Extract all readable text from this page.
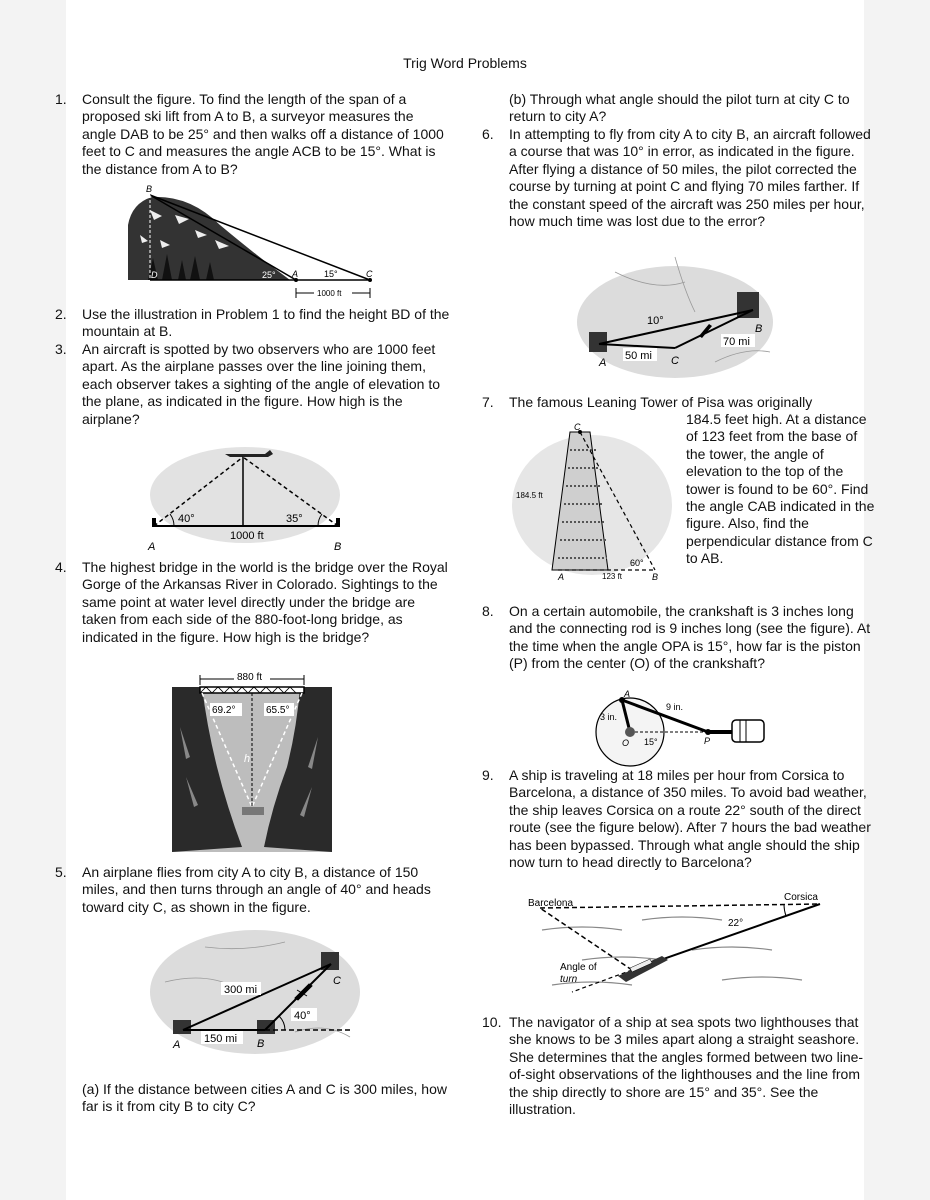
Trig Word Problems
1. Consult the figure. To find the length of the span of a proposed ski lift from A to B, a surveyor measures the angle DAB to be 25° and then walks off a distance of 1000 feet to C and measures the angle ACB to be 15°. What is the distance from A to B?
B
D	25° A	15°	C
1000 ft
2. Use the illustration in Problem 1 to find the height BD of the mountain at B.
3. An aircraft is spotted by two observers who are 1000 feet apart. As the airplane passes over the line joining them, each observer takes a sighting of the angle of elevation to the plane, as indicated in the figure. How high is the airplane?
40°	35°
1000 ft
A	B
4. The highest bridge in the world is the bridge over the Royal Gorge of the Arkansas River in Colorado. Sightings to the same point at water level directly under the bridge are taken from each side of the 880-foot-long bridge, as indicated in the figure. How high is the bridge?
880 ft
69.2°	65.5°
h
5. An airplane flies from city A to city B, a distance of 150 miles, and then turns through an angle of 40° and heads toward city C, as shown in the figure.
300 mi
150 mi
40°
A	B
C
(a) If the distance between cities A and C is 300 miles, how far is it from city B to city C?
(b) Through what angle should the pilot turn at city C to return to city A?
6. In attempting to fly from city A to city B, an aircraft followed a course that was 10° in error, as indicated in the figure. After flying a distance of 50 miles, the pilot corrected the course by turning at point C and flying 70 miles farther. If the constant speed of the aircraft was 250 miles per hour, how much time was lost due to the error?
10°
50 mi
70 mi
A	C
B
7. The famous Leaning Tower of Pisa was originally
184.5 feet high. At a distance of 123 feet from the base of the tower, the angle of elevation to the top of the tower is found to be 60°. Find the angle CAB indicated in the figure. Also, find the perpendicular distance from C to AB.
C
184.5 ft
60°
123 ft
A	B
8. On a certain automobile, the crankshaft is 3 inches long and the connecting rod is 9 inches long (see the figure). At the time when the angle OPA is 15°, how far is the piston (P) from the center (O) of the crankshaft?
A
3 in.
9 in.
O 15°	P
9. A ship is traveling at 18 miles per hour from Corsica to Barcelona, a distance of 350 miles. To avoid bad weather, the ship leaves Corsica on a route 22° south of the direct route (see the figure below). After 7 hours the bad weather has been bypassed. Through what angle should the ship now turn to head directly to Barcelona?
Barcelona
Corsica
22°
Angle of
turn
10. The navigator of a ship at sea spots two lighthouses that she knows to be 3 miles apart along a straight seashore. She determines that the angles formed between two line-of-sight observations of the lighthouses and the line from the ship directly to shore are 15° and 35°. See the illustration.
